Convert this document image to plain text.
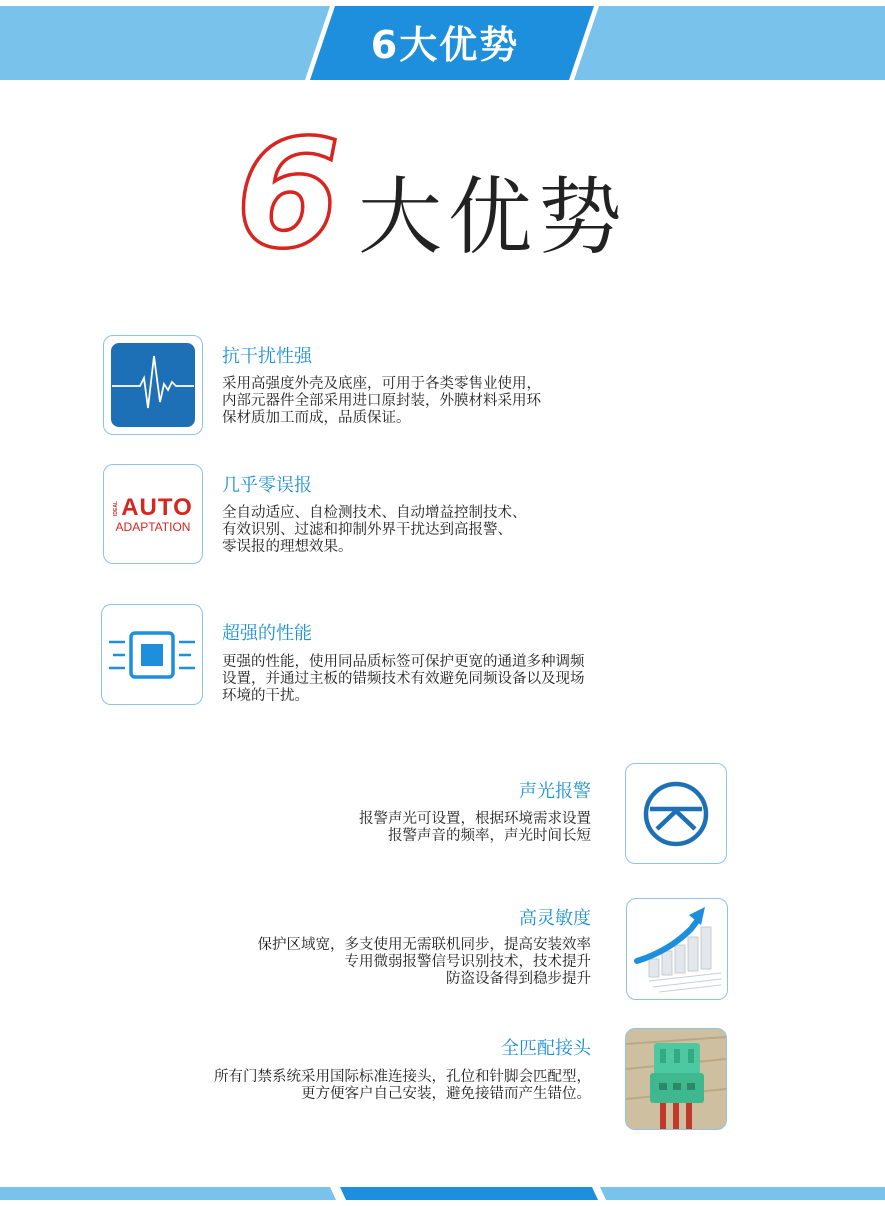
6大优势
6 大优势
抗干扰性强
采用高强度外壳及底座，可用于各类零售业使用，
内部元器件全部采用进口原封装，外膜材料采用环
保材质加工而成，品质保证。
IDEAL AUTO
ADAPTATION
几乎零误报
全自动适应、自检测技术、自动增益控制技术、
有效识别、过滤和抑制外界干扰达到高报警、
零误报的理想效果。
超强的性能
更强的性能，使用同品质标签可保护更宽的通道多种调频
设置，并通过主板的错频技术有效避免同频设备以及现场
环境的干扰。
声光报警
报警声光可设置，根据环境需求设置
报警声音的频率，声光时间长短
高灵敏度
保护区域宽，多支使用无需联机同步，提高安装效率
专用微弱报警信号识别技术，技术提升
防盗设备得到稳步提升
全匹配接头
所有门禁系统采用国际标准连接头，孔位和针脚会匹配型，
更方便客户自己安装，避免接错而产生错位。
